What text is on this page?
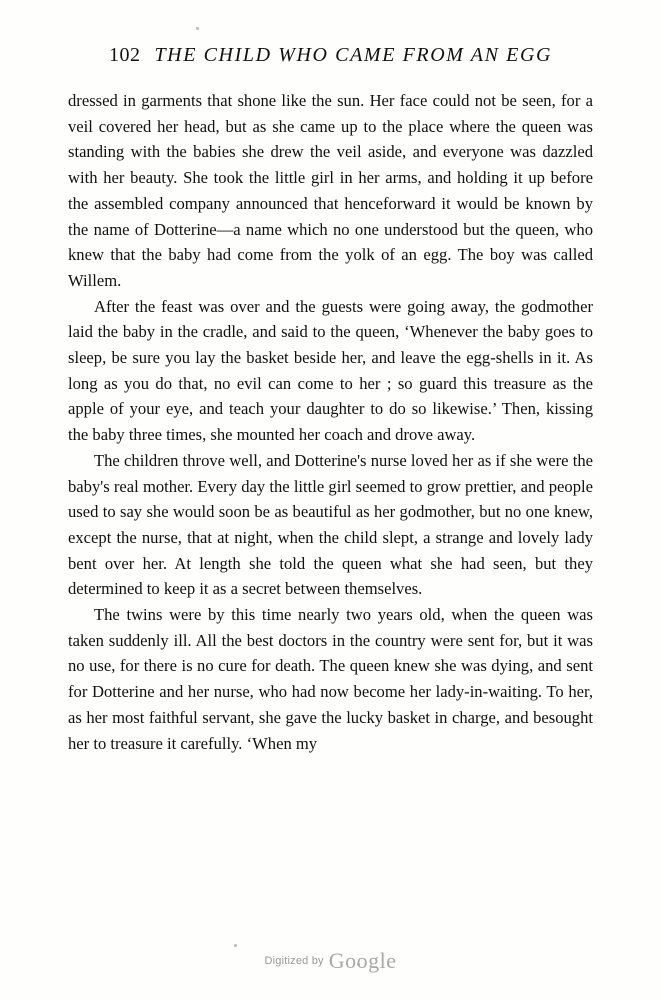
102 THE CHILD WHO CAME FROM AN EGG

dressed in garments that shone like the sun. Her face could not be seen, for a veil covered her head, but as she came up to the place where the queen was standing with the babies she drew the veil aside, and everyone was dazzled with her beauty. She took the little girl in her arms, and holding it up before the assembled company announced that henceforward it would be known by the name of Dotterine—a name which no one understood but the queen, who knew that the baby had come from the yolk of an egg. The boy was called Willem.

After the feast was over and the guests were going away, the godmother laid the baby in the cradle, and said to the queen, ‘Whenever the baby goes to sleep, be sure you lay the basket beside her, and leave the egg-shells in it. As long as you do that, no evil can come to her ; so guard this treasure as the apple of your eye, and teach your daughter to do so likewise.’ Then, kissing the baby three times, she mounted her coach and drove away.

The children throve well, and Dotterine's nurse loved her as if she were the baby's real mother. Every day the little girl seemed to grow prettier, and people used to say she would soon be as beautiful as her godmother, but no one knew, except the nurse, that at night, when the child slept, a strange and lovely lady bent over her. At length she told the queen what she had seen, but they determined to keep it as a secret between themselves.

The twins were by this time nearly two years old, when the queen was taken suddenly ill. All the best doctors in the country were sent for, but it was no use, for there is no cure for death. The queen knew she was dying, and sent for Dotterine and her nurse, who had now become her lady-in-waiting. To her, as her most faithful servant, she gave the lucky basket in charge, and besought her to treasure it carefully. ‘When my

Digitized by Google
